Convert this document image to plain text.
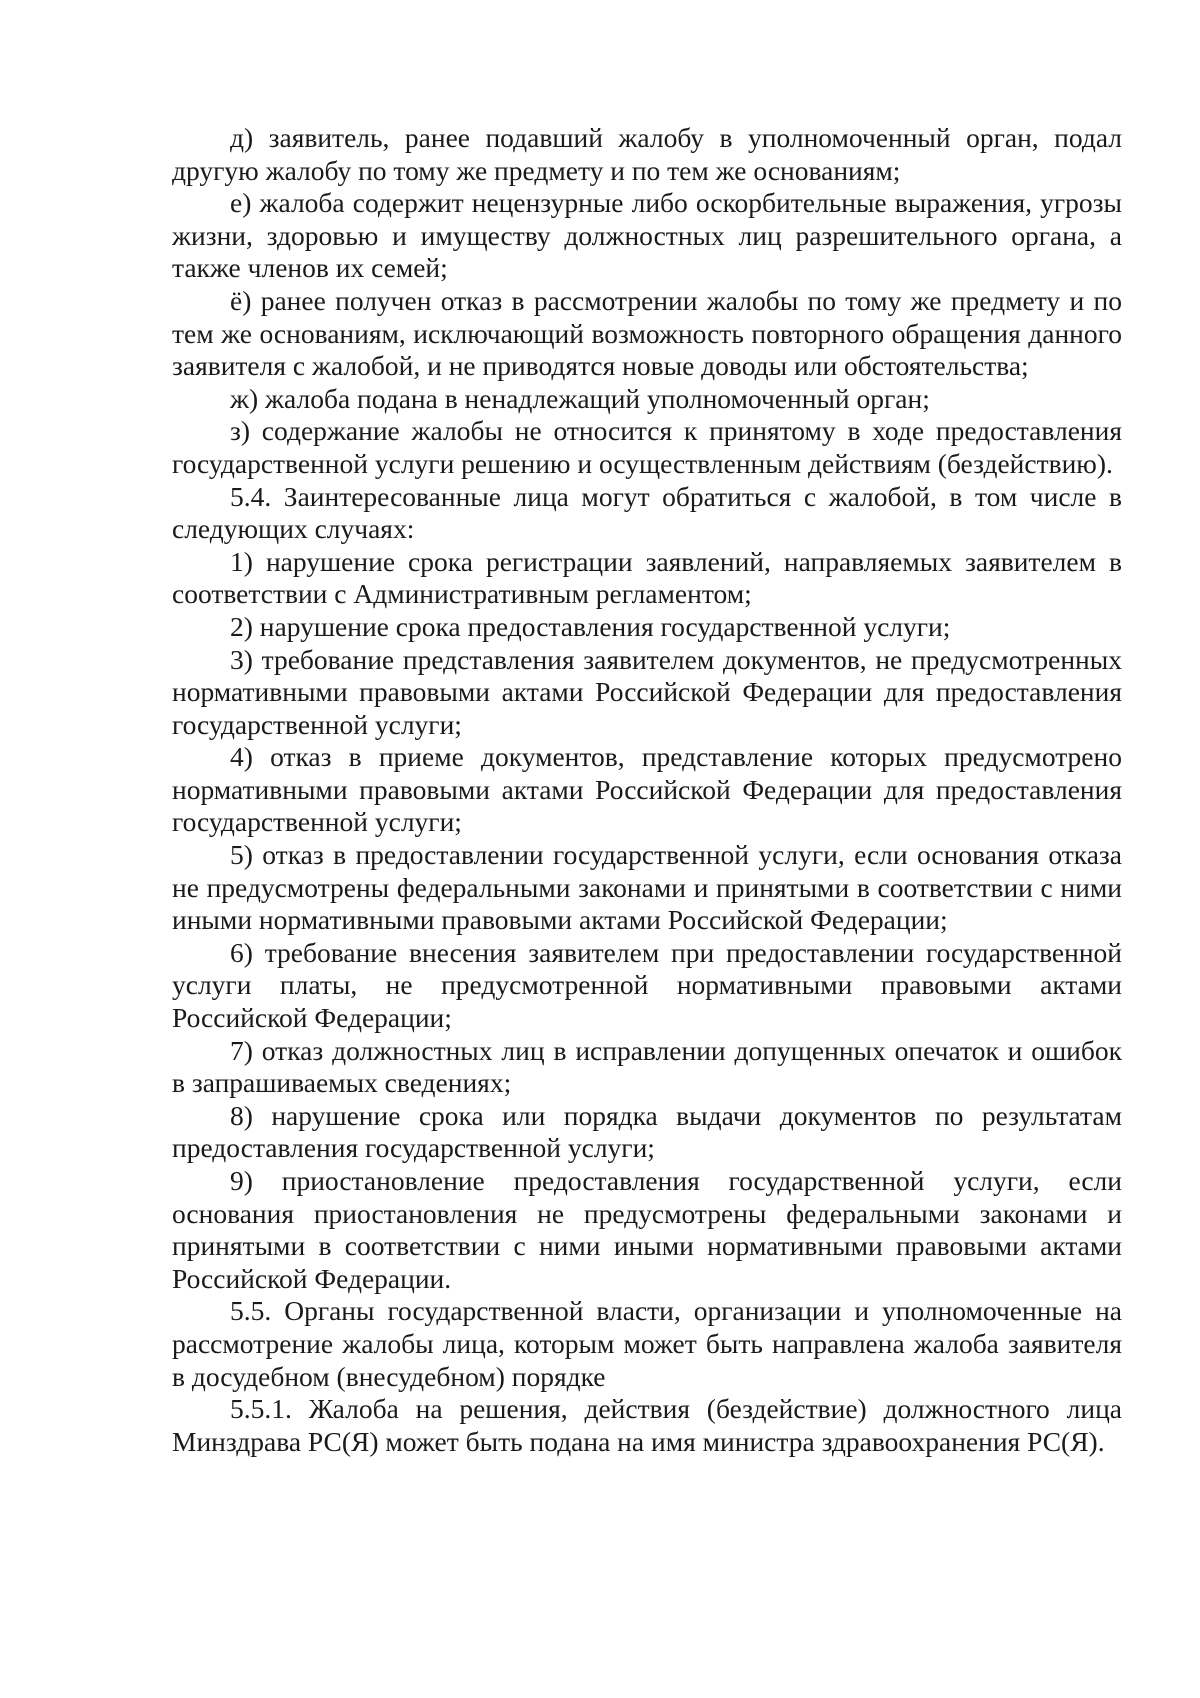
д) заявитель, ранее подавший жалобу в уполномоченный орган, подал другую жалобу по тому же предмету и по тем же основаниям;

е) жалоба содержит нецензурные либо оскорбительные выражения, угрозы жизни, здоровью и имуществу должностных лиц разрешительного органа, а также членов их семей;

ё) ранее получен отказ в рассмотрении жалобы по тому же предмету и по тем же основаниям, исключающий возможность повторного обращения данного заявителя с жалобой, и не приводятся новые доводы или обстоятельства;

ж) жалоба подана в ненадлежащий уполномоченный орган;

з) содержание жалобы не относится к принятому в ходе предоставления государственной услуги решению и осуществленным действиям (бездействию).

5.4. Заинтересованные лица могут обратиться с жалобой, в том числе в следующих случаях:

1) нарушение срока регистрации заявлений, направляемых заявителем в соответствии с Административным регламентом;

2) нарушение срока предоставления государственной услуги;

3) требование представления заявителем документов, не предусмотренных нормативными правовыми актами Российской Федерации для предоставления государственной услуги;

4) отказ в приеме документов, представление которых предусмотрено нормативными правовыми актами Российской Федерации для предоставления государственной услуги;

5) отказ в предоставлении государственной услуги, если основания отказа не предусмотрены федеральными законами и принятыми в соответствии с ними иными нормативными правовыми актами Российской Федерации;

6) требование внесения заявителем при предоставлении государственной услуги платы, не предусмотренной нормативными правовыми актами Российской Федерации;

7) отказ должностных лиц в исправлении допущенных опечаток и ошибок в запрашиваемых сведениях;

8) нарушение срока или порядка выдачи документов по результатам предоставления государственной услуги;

9) приостановление предоставления государственной услуги, если основания приостановления не предусмотрены федеральными законами и принятыми в соответствии с ними иными нормативными правовыми актами Российской Федерации.

5.5. Органы государственной власти, организации и уполномоченные на рассмотрение жалобы лица, которым может быть направлена жалоба заявителя в досудебном (внесудебном) порядке

5.5.1. Жалоба на решения, действия (бездействие) должностного лица Минздрава РС(Я) может быть подана на имя министра здравоохранения РС(Я).
